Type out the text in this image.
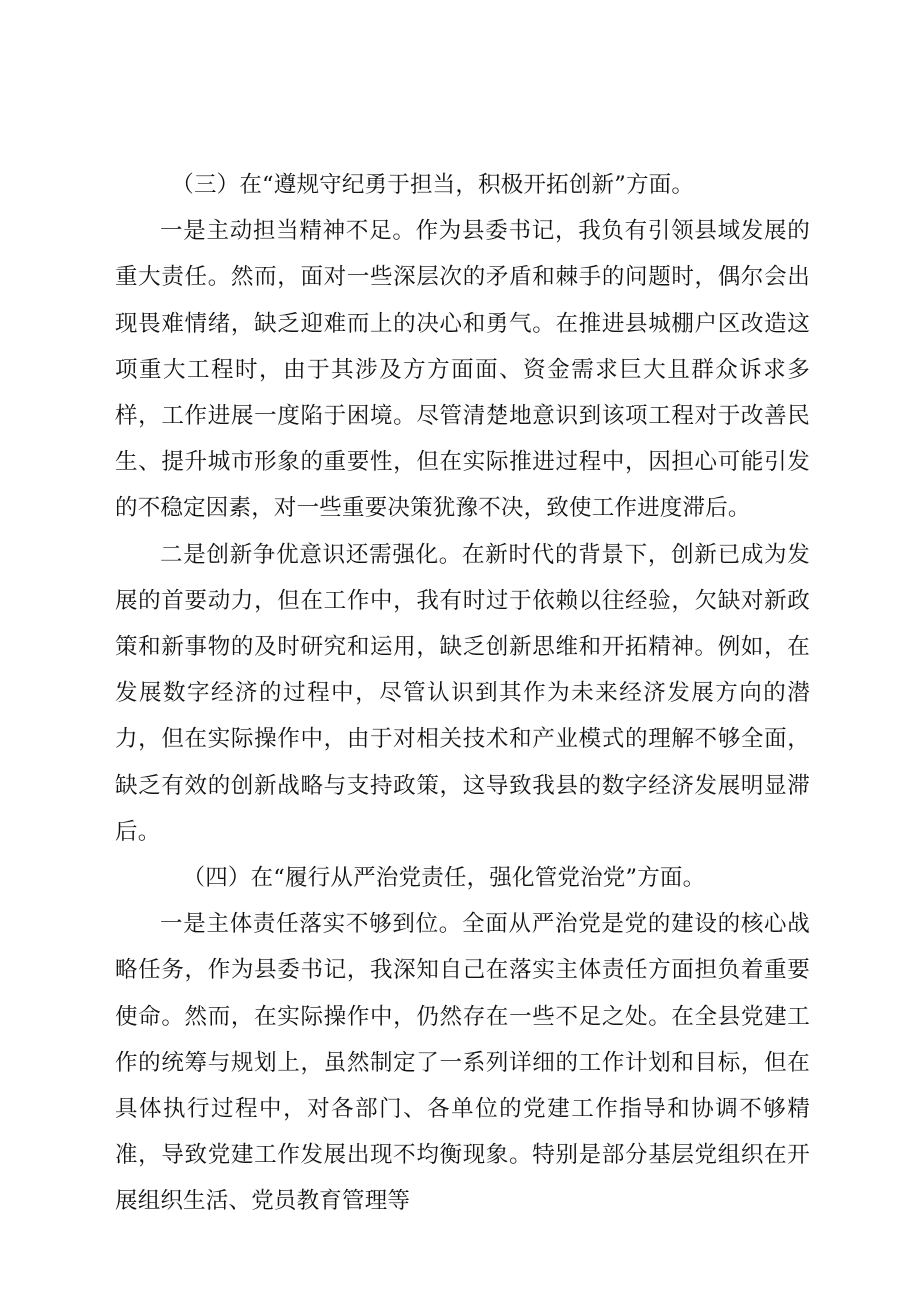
（三）在“遵规守纪勇于担当，积极开拓创新”方面。

一是主动担当精神不足。作为县委书记，我负有引领县域发展的重大责任。然而，面对一些深层次的矛盾和棘手的问题时，偶尔会出现畏难情绪，缺乏迎难而上的决心和勇气。在推进县城棚户区改造这项重大工程时，由于其涉及方方面面、资金需求巨大且群众诉求多样，工作进展一度陷于困境。尽管清楚地意识到该项工程对于改善民生、提升城市形象的重要性，但在实际推进过程中，因担心可能引发的不稳定因素，对一些重要决策犹豫不决，致使工作进度滞后。

二是创新争优意识还需强化。在新时代的背景下，创新已成为发展的首要动力，但在工作中，我有时过于依赖以往经验，欠缺对新政策和新事物的及时研究和运用，缺乏创新思维和开拓精神。例如，在发展数字经济的过程中，尽管认识到其作为未来经济发展方向的潜力，但在实际操作中，由于对相关技术和产业模式的理解不够全面，缺乏有效的创新战略与支持政策，这导致我县的数字经济发展明显滞后。

（四）在“履行从严治党责任，强化管党治党”方面。

一是主体责任落实不够到位。全面从严治党是党的建设的核心战略任务，作为县委书记，我深知自己在落实主体责任方面担负着重要使命。然而，在实际操作中，仍然存在一些不足之处。在全县党建工作的统筹与规划上，虽然制定了一系列详细的工作计划和目标，但在具体执行过程中，对各部门、各单位的党建工作指导和协调不够精准，导致党建工作发展出现不均衡现象。特别是部分基层党组织在开展组织生活、党员教育管理等
